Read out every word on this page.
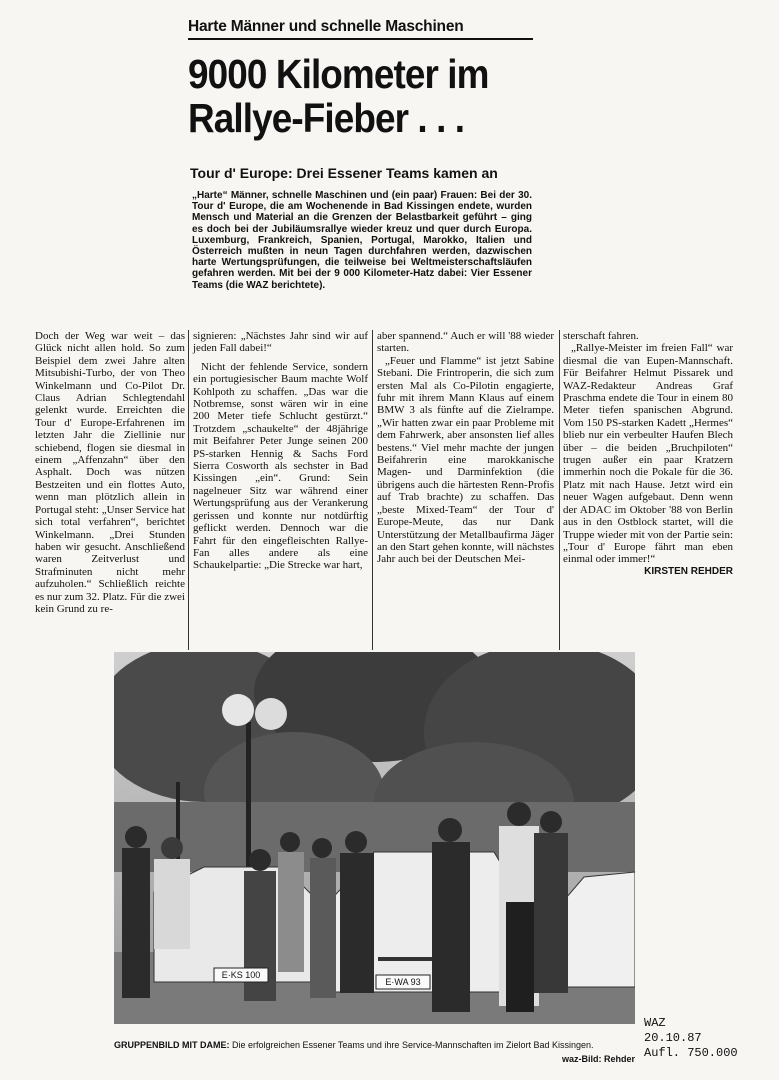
Harte Männer und schnelle Maschinen
9000 Kilometer im
Rallye-Fieber . . .
Tour d' Europe: Drei Essener Teams kamen an
„Harte“ Männer, schnelle Maschinen und (ein paar) Frauen: Bei der 30. Tour d' Europe, die am Wochenende in Bad Kissingen endete, wurden Mensch und Material an die Grenzen der Belastbarkeit geführt – ging es doch bei der Jubiläumsrallye wieder kreuz und quer durch Europa. Luxemburg, Frankreich, Spanien, Portugal, Marokko, Italien und Österreich mußten in neun Tagen durchfahren werden, dazwischen harte Wertungsprüfungen, die teilweise bei Weltmeisterschaftsläufen gefahren werden. Mit bei der 9 000 Kilometer-Hatz dabei: Vier Essener Teams (die WAZ berichtete).

Doch der Weg war weit – das Glück nicht allen hold. So zum Beispiel dem zwei Jahre alten Mitsubishi-Turbo, der von Theo Winkelmann und Co-Pilot Dr. Claus Adrian Schlegtendahl gelenkt wurde. Erreichten die Tour d' Europe-Erfahrenen im letzten Jahr die Ziellinie nur schiebend, flogen sie diesmal in einem „Affenzahn“ über den Asphalt. Doch was nützen Bestzeiten und ein flottes Auto, wenn man plötzlich allein in Portugal steht: „Unser Service hat sich total verfahren“, berichtet Winkelmann. „Drei Stunden haben wir gesucht. Anschließend waren Zeitverlust und Strafminuten nicht mehr aufzuholen.“ Schließlich reichte es nur zum 32. Platz. Für die zwei kein Grund zu re-

signieren: „Nächstes Jahr sind wir auf jeden Fall dabei!“

Nicht der fehlende Service, sondern ein portugiesischer Baum machte Wolf Kohlpoth zu schaffen. „Das war die Notbremse, sonst wären wir in eine 200 Meter tiefe Schlucht gestürzt.“ Trotzdem „schaukelte“ der 48jährige mit Beifahrer Peter Junge seinen 200 PS-starken Hennig & Sachs Ford Sierra Cosworth als sechster in Bad Kissingen „ein“. Grund: Sein nagelneuer Sitz war während einer Wertungsprüfung aus der Verankerung gerissen und konnte nur notdürftig geflickt werden. Dennoch war die Fahrt für den eingefleischten Rallye-Fan alles andere als eine Schaukelpartie: „Die Strecke war hart,

aber spannend.“ Auch er will '88 wieder starten.

„Feuer und Flamme“ ist jetzt Sabine Stebani. Die Frintroperin, die sich zum ersten Mal als Co-Pilotin engagierte, fuhr mit ihrem Mann Klaus auf einem BMW 3 als fünfte auf die Zielrampe. „Wir hatten zwar ein paar Probleme mit dem Fahrwerk, aber ansonsten lief alles bestens.“ Viel mehr machte der jungen Beifahrerin eine marokkanische Magen- und Darminfektion (die übrigens auch die härtesten Renn-Profis auf Trab brachte) zu schaffen. Das „beste Mixed-Team“ der Tour d' Europe-Meute, das nur Dank Unterstützung der Metallbaufirma Jäger an den Start gehen konnte, will nächstes Jahr auch bei der Deutschen Mei-

sterschaft fahren.

„Rallye-Meister im freien Fall“ war diesmal die van Eupen-Mannschaft. Für Beifahrer Helmut Pissarek und WAZ-Redakteur Andreas Graf Praschma endete die Tour in einem 80 Meter tiefen spanischen Abgrund. Vom 150 PS-starken Kadett „Hermes“ blieb nur ein verbeulter Haufen Blech über – die beiden „Bruchpiloten“ trugen außer ein paar Kratzern immerhin noch die Pokale für die 36. Platz mit nach Hause. Jetzt wird ein neuer Wagen aufgebaut. Denn wenn der ADAC im Oktober '88 von Berlin aus in den Ostblock startet, will die Truppe wieder mit von der Partie sein: „Tour d' Europe fährt man eben einmal oder immer!“

KIRSTEN REHDER
E·KS 100
E·WA 93
GRUPPENBILD MIT DAME: Die erfolgreichen Essener Teams und ihre Service-Mannschaften im Zielort Bad Kissingen.
waz-Bild: Rehder
WAZ
20.10.87
Aufl. 750.000
